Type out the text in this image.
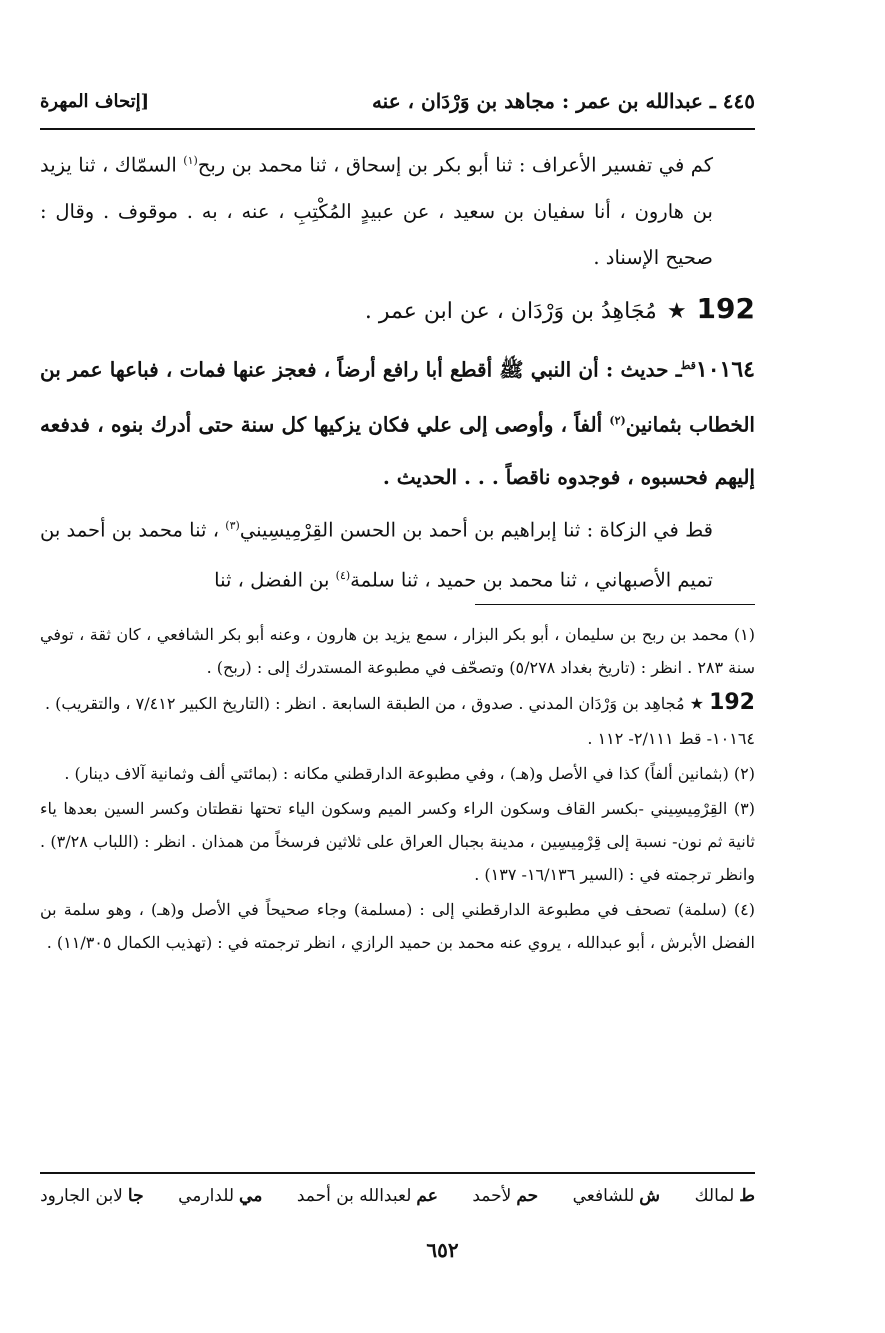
٤٤٥ ـ عبدالله بن عمر : مجاهد بن وَرْدَان ، عنه
[إتحاف المهرة

كم في تفسير الأعراف : ثنا أبو بكر بن إسحاق ، ثنا محمد بن ربح$^{(١)}$ السمّاك ، ثنا يزيد بن هارون ، أنا سفيان بن سعيد ، عن عبيدٍ المُكْتِبِ ، عنه ، به . موقوف . وقال : صحيح الإسناد .

192
★
مُجَاهِدُ بن وَرْدَان ، عن ابن عمر .

$١٠١٦٤^{قط}ـ$ حديث : أن النبي ﷺ أقطع أبا رافع أرضاً ، فعجز عنها فمات ، فباعها عمر بن الخطاب بثمانين$^{(٢)}$ ألفاً ، وأوصى إلى علي فكان يزكيها كل سنة حتى أدرك بنوه ، فدفعه إليهم فحسبوه ، فوجدوه ناقصاً . . . الحديث .

قط في الزكاة : ثنا إبراهيم بن أحمد بن الحسن القِرْمِيسِيني$^{(٣)}$ ، ثنا محمد بن أحمد بن تميم الأصبهاني ، ثنا محمد بن حميد ، ثنا سلمة$^{(٤)}$ بن الفضل ، ثنا

(١) محمد بن ربح بن سليمان ، أبو بكر البزار ، سمع يزيد بن هارون ، وعنه أبو بكر الشافعي ، كان ثقة ، توفي سنة ٢٨٣ . انظر : (تاريخ بغداد ٥/٢٧٨) وتصحّف في مطبوعة المستدرك إلى : (ربح) .

192 ★ مُجاهِد بن وَرْدَان المدني . صدوق ، من الطبقة السابعة . انظر : (التاريخ الكبير ٧/٤١٢ ، والتقريب) .

١٠١٦٤- قط ٢/١١١- ١١٢ .

(٢) (بثمانين ألفاً) كذا في الأصل و(هـ) ، وفي مطبوعة الدارقطني مكانه : (بمائتي ألف وثمانية آلاف دينار) .

(٣) القِرْمِيسِيني -بكسر القاف وسكون الراء وكسر الميم وسكون الياء تحتها نقطتان وكسر السين بعدها ياء ثانية ثم نون- نسبة إلى قِرْمِيسِين ، مدينة بجبال العراق على ثلاثين فرسخاً من همذان . انظر : (اللباب ٣/٢٨) . وانظر ترجمته في : (السير ١٦/١٣٦- ١٣٧) .

(٤) (سلمة) تصحف في مطبوعة الدارقطني إلى : (مسلمة) وجاء صحيحاً في الأصل و(هـ) ، وهو سلمة بن الفضل الأبرش ، أبو عبدالله ، يروي عنه محمد بن حميد الرازي ، انظر ترجمته في : (تهذيب الكمال ١١/٣٠٥) .

ط
لمالك
ش
للشافعي
حم
لأحمد
عم
لعبدالله بن أحمد
مي
للدارمي
جا
لابن الجارود
٦٥٢
